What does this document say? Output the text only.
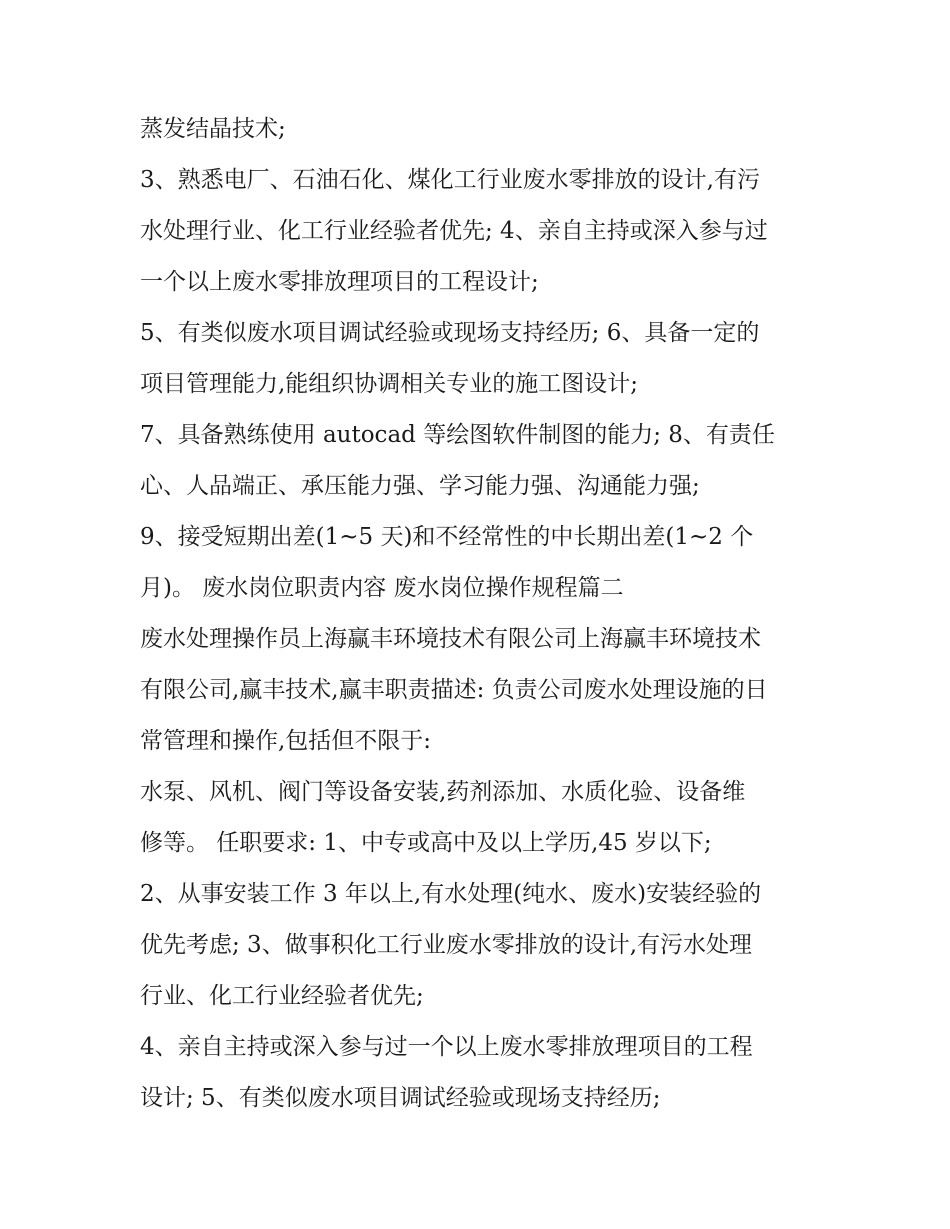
蒸发结晶技术;
3、熟悉电厂、石油石化、煤化工行业废水零排放的设计,有污
水处理行业、化工行业经验者优先; 4、亲自主持或深入参与过
一个以上废水零排放理项目的工程设计;
5、有类似废水项目调试经验或现场支持经历; 6、具备一定的
项目管理能力,能组织协调相关专业的施工图设计;
7、具备熟练使用 autocad 等绘图软件制图的能力; 8、有责任
心、人品端正、承压能力强、学习能力强、沟通能力强;
9、接受短期出差(1~5 天)和不经常性的中长期出差(1~2 个
月)。 废水岗位职责内容 废水岗位操作规程篇二
废水处理操作员上海赢丰环境技术有限公司上海赢丰环境技术
有限公司,赢丰技术,赢丰职责描述: 负责公司废水处理设施的日
常管理和操作,包括但不限于:
水泵、风机、阀门等设备安装,药剂添加、水质化验、设备维
修等。 任职要求: 1、中专或高中及以上学历,45 岁以下;
2、从事安装工作 3 年以上,有水处理(纯水、废水)安装经验的
优先考虑; 3、做事积化工行业废水零排放的设计,有污水处理
行业、化工行业经验者优先;
4、亲自主持或深入参与过一个以上废水零排放理项目的工程
设计; 5、有类似废水项目调试经验或现场支持经历;
